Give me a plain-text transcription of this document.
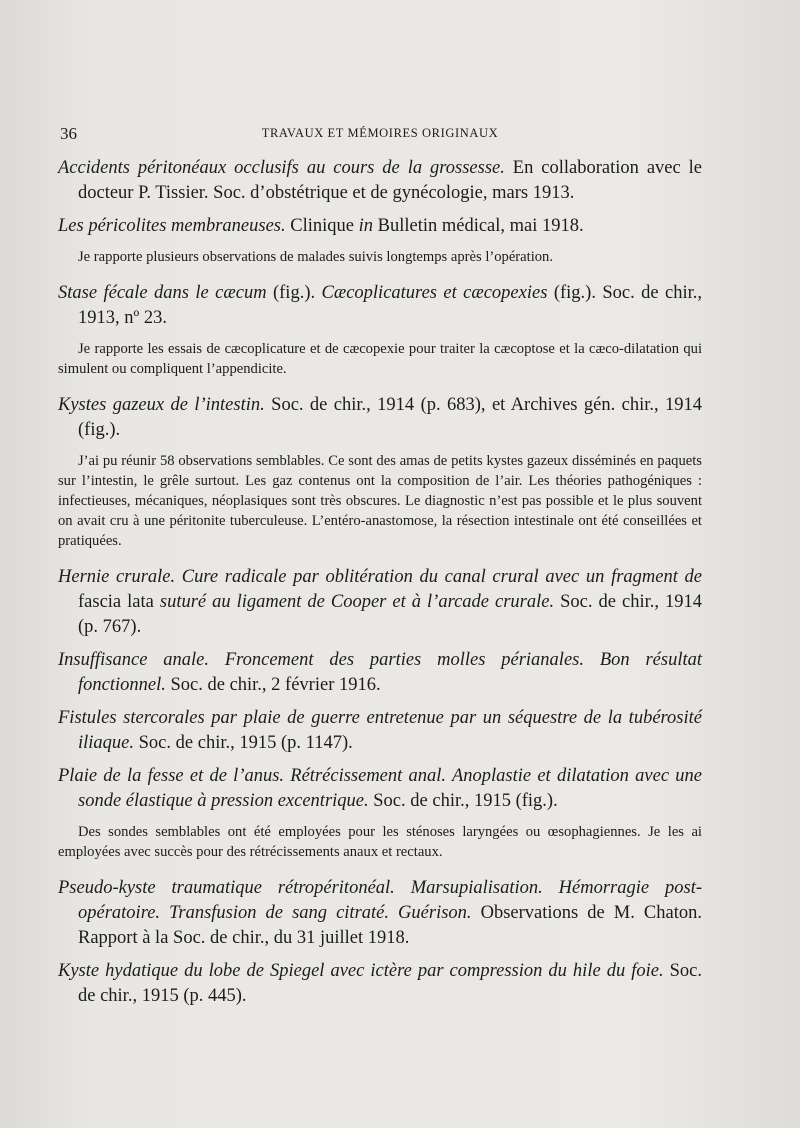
36	TRAVAUX ET MÉMOIRES ORIGINAUX

Accidents péritonéaux occlusifs au cours de la grossesse. En collaboration avec le docteur P. Tissier. Soc. d’obstétrique et de gynécologie, mars 1913.

Les péricolites membraneuses. Clinique in Bulletin médical, mai 1918.

Je rapporte plusieurs observations de malades suivis longtemps après l’opération.

Stase fécale dans le cæcum (fig.). Cæcoplicatures et cæcopexies (fig.). Soc. de chir., 1913, nº 23.

Je rapporte les essais de cæcoplicature et de cæcopexie pour traiter la cæcoptose et la cæco-dilatation qui simulent ou compliquent l’appendicite.

Kystes gazeux de l’intestin. Soc. de chir., 1914 (p. 683), et Archives gén. chir., 1914 (fig.).

J’ai pu réunir 58 observations semblables. Ce sont des amas de petits kystes gazeux disséminés en paquets sur l’intestin, le grêle surtout. Les gaz contenus ont la composition de l’air. Les théories pathogéniques : infectieuses, mécaniques, néoplasiques sont très obscures. Le diagnostic n’est pas possible et le plus souvent on avait cru à une péritonite tuberculeuse. L’entéro-anastomose, la résection intestinale ont été conseillées et pratiquées.

Hernie crurale. Cure radicale par oblitération du canal crural avec un fragment de fascia lata suturé au ligament de Cooper et à l’arcade crurale. Soc. de chir., 1914 (p. 767).

Insuffisance anale. Froncement des parties molles périanales. Bon résultat fonctionnel. Soc. de chir., 2 février 1916.

Fistules stercorales par plaie de guerre entretenue par un séquestre de la tubérosité iliaque. Soc. de chir., 1915 (p. 1147).

Plaie de la fesse et de l’anus. Rétrécissement anal. Anoplastie et dilatation avec une sonde élastique à pression excentrique. Soc. de chir., 1915 (fig.).

Des sondes semblables ont été employées pour les sténoses laryngées ou œsophagiennes. Je les ai employées avec succès pour des rétrécissements anaux et rectaux.

Pseudo-kyste traumatique rétropéritonéal. Marsupialisation. Hémorragie post-opératoire. Transfusion de sang citraté. Guérison. Observations de M. Chaton. Rapport à la Soc. de chir., du 31 juillet 1918.

Kyste hydatique du lobe de Spiegel avec ictère par compression du hile du foie. Soc. de chir., 1915 (p. 445).
